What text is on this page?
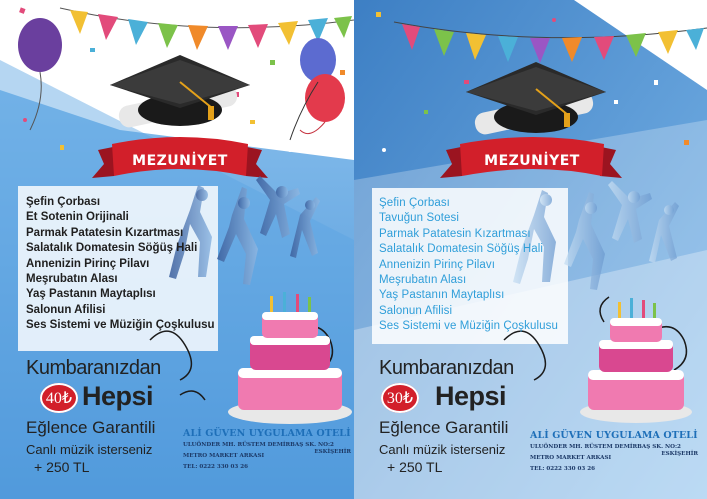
MEZUNİYET
Şefin Çorbası
Et Sotenin Orijinali
Parmak Patatesin Kızartması
Salatalık Domatesin Söğüş Hali
Annenizin Pirinç Pilavı
Meşrubatın Alası
Yaş Pastanın Maytaplısı
Salonun Afilisi
Ses Sistemi ve Müziğin Çoşkulusu
Kumbaranızdan
40₺ Hepsi
Eğlence Garantili
Canlı müzik isterseniz
+ 250 TL
ALİ GÜVEN UYGULAMA OTELİ
ULUÖNDER MH. RÜSTEM DEMİRBAŞ SK. NO:2
METRO MARKET ARKASI
TEL: 0222 330 03 26
ESKİŞEHİR
MEZUNİYET
Şefin Çorbası
Tavuğun Sotesi
Parmak Patatesin Kızartması
Salatalık Domatesin Söğüş Hali
Annenizin Pirinç Pilavı
Meşrubatın Alası
Yaş Pastanın Maytaplısı
Salonun Afilisi
Ses Sistemi ve Müziğin Çoşkulusu
Kumbaranızdan
30₺ Hepsi
Eğlence Garantili
Canlı müzik isterseniz
+ 250 TL
ALİ GÜVEN UYGULAMA OTELİ
ULUÖNDER MH. RÜSTEM DEMİRBAŞ SK. NO:2
METRO MARKET ARKASI
TEL: 0222 330 03 26
ESKİŞEHİR
